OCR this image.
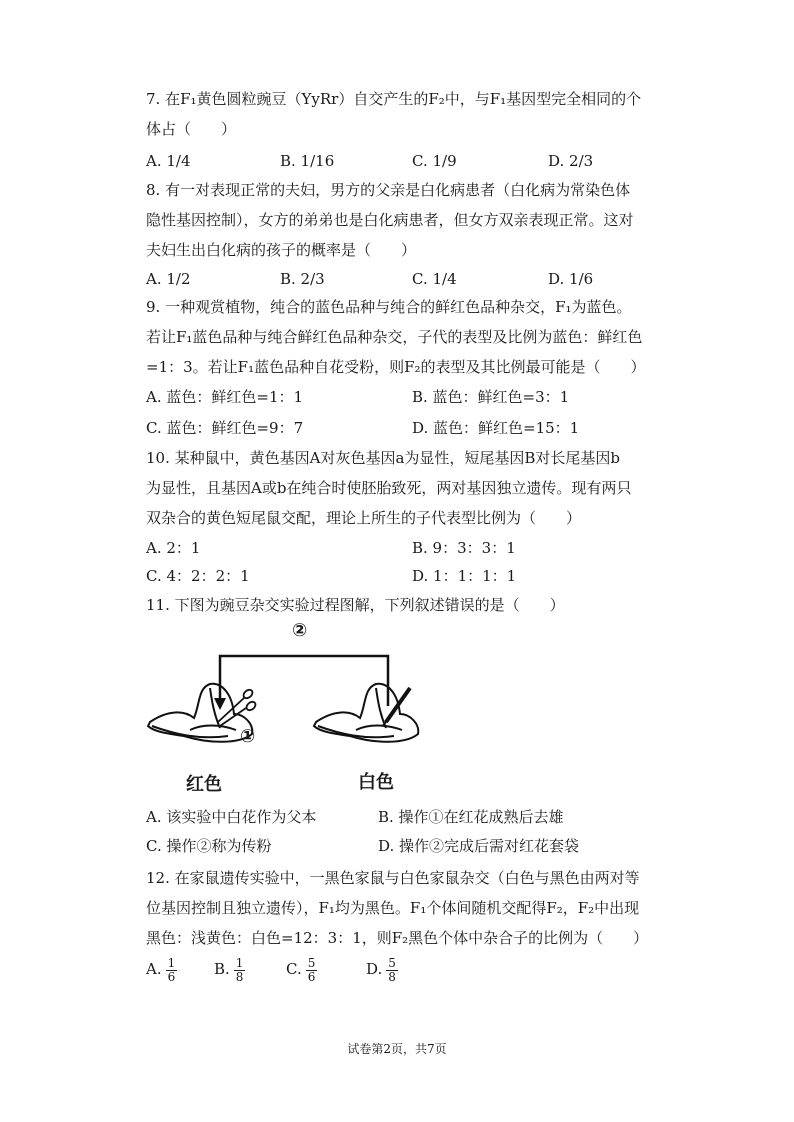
7. 在F₁黄色圆粒豌豆（YyRr）自交产生的F₂中，与F₁基因型完全相同的个

体占（　　）

A. 1/4	B. 1/16	C. 1/9	D. 2/3

8. 有一对表现正常的夫妇，男方的父亲是白化病患者（白化病为常染色体

隐性基因控制），女方的弟弟也是白化病患者，但女方双亲表现正常。这对

夫妇生出白化病的孩子的概率是（　　）

A. 1/2	B. 2/3	C. 1/4	D. 1/6

9. 一种观赏植物，纯合的蓝色品种与纯合的鲜红色品种杂交，F₁为蓝色。

若让F₁蓝色品种与纯合鲜红色品种杂交，子代的表型及比例为蓝色：鲜红色

=1：3。若让F₁蓝色品种自花受粉，则F₂的表型及其比例最可能是（　　）

A. 蓝色：鲜红色=1：1	B. 蓝色：鲜红色=3：1
C. 蓝色：鲜红色=9：7	D. 蓝色：鲜红色=15：1

10. 某种鼠中，黄色基因A对灰色基因a为显性，短尾基因B对长尾基因b

为显性，且基因A或b在纯合时使胚胎致死，两对基因独立遗传。现有两只

双杂合的黄色短尾鼠交配，理论上所生的子代表型比例为（　　）

A. 2：1	B. 9：3：3：1
C. 4：2：2：1	D. 1：1：1：1

11. 下图为豌豆杂交实验过程图解，下列叙述错误的是（　　）

②
①
红色	白色
A. 该实验中白花作为父本	B. 操作①在红花成熟后去雄
C. 操作②称为传粉	D. 操作②完成后需对红花套袋

12. 在家鼠遗传实验中，一黑色家鼠与白色家鼠杂交（白色与黑色由两对等

位基因控制且独立遗传），F₁均为黑色。F₁个体间随机交配得F₂，F₂中出现

黑色：浅黄色：白色=12：3：1，则F₂黑色个体中杂合子的比例为（　　）

A. $\frac{1}{6} B$. $\frac{1}{8}$	C. $\frac{5}{6}$	D. $\frac{5}{8}$
试卷第2页，共7页
